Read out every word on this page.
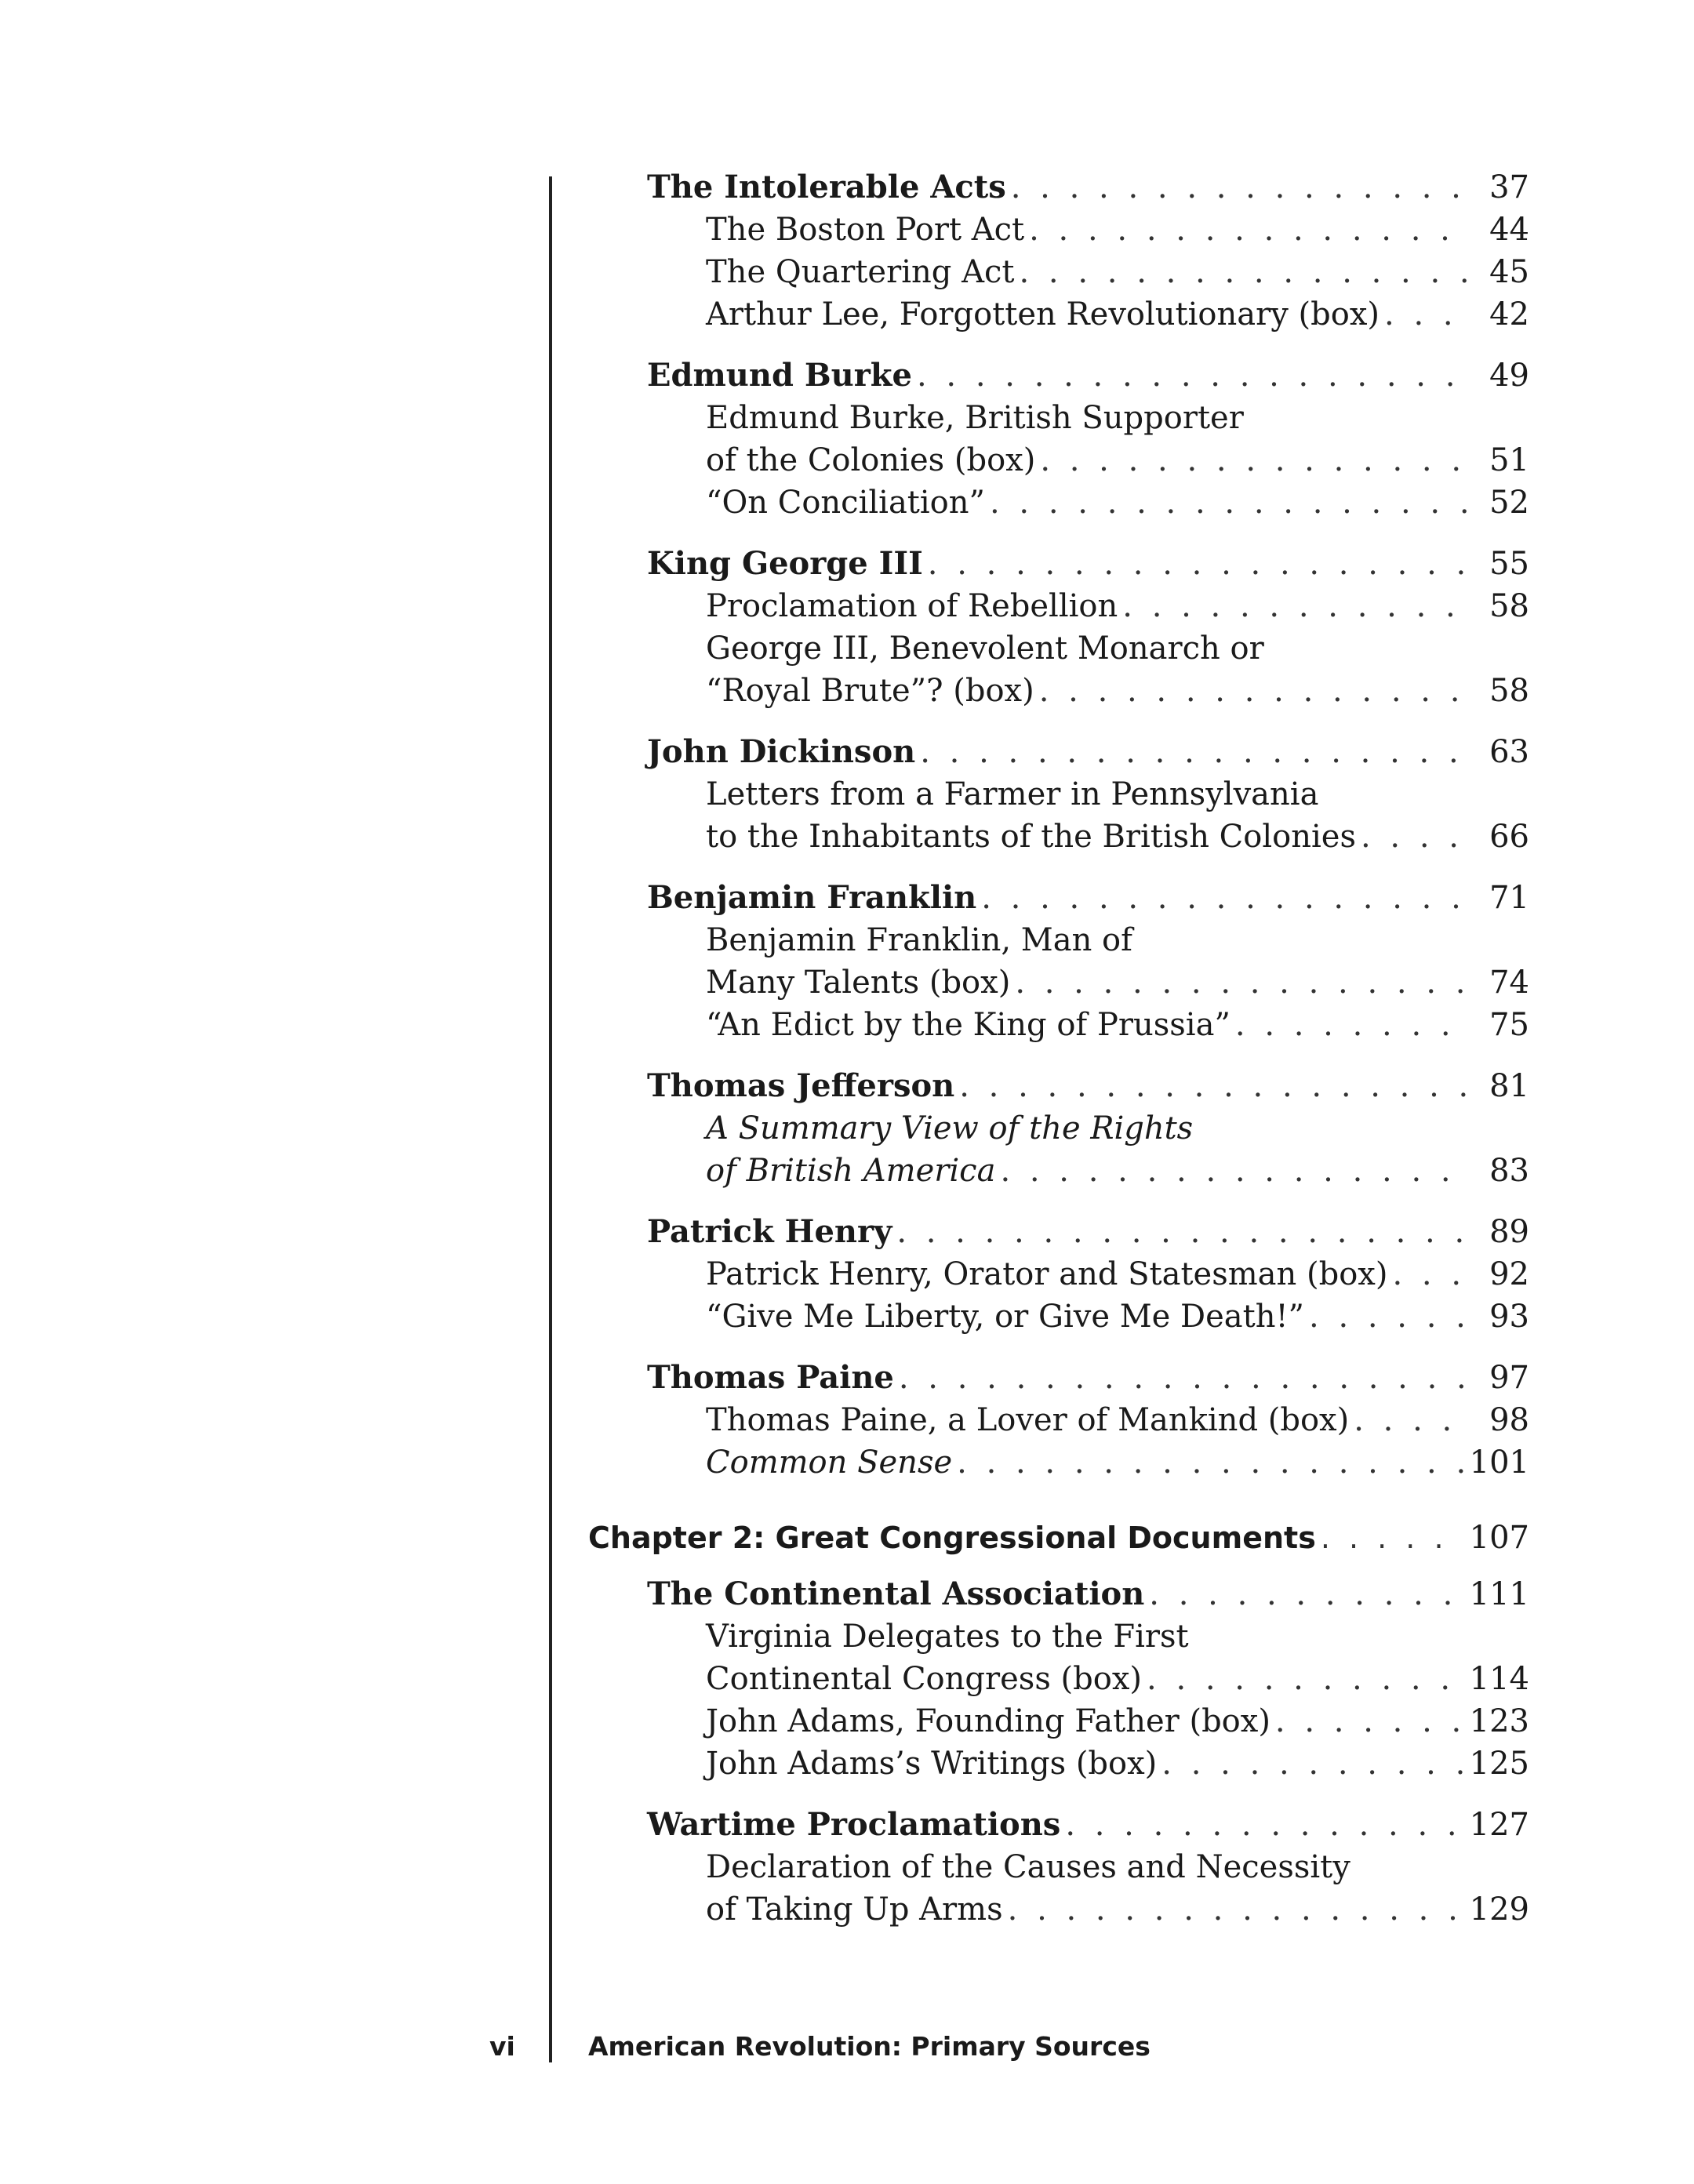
The Intolerable Acts . . .	37
The Boston Port Act . . .	44
The Quartering Act . . .	45
Arthur Lee, Forgotten Revolutionary (box) . . .	42
Edmund Burke . . .	49
Edmund Burke, British Supporter
of the Colonies (box) . . .	51
“On Conciliation” . . .	52
King George III . . .	55
Proclamation of Rebellion . . .	58
George III, Benevolent Monarch or
“Royal Brute”? (box) . . .	58
John Dickinson . . .	63
Letters from a Farmer in Pennsylvania
to the Inhabitants of the British Colonies . . .	66
Benjamin Franklin . . .	71
Benjamin Franklin, Man of
Many Talents (box) . . .	74
“An Edict by the King of Prussia” . . .	75
Thomas Jefferson . . .	81
A Summary View of the Rights
of British America . . .	83
Patrick Henry . . .	89
Patrick Henry, Orator and Statesman (box) . . .	92
“Give Me Liberty, or Give Me Death!” . . .	93
Thomas Paine . . .	97
Thomas Paine, a Lover of Mankind (box) . . .	98
Common Sense . . .	101
Chapter 2: Great Congressional Documents . . .	107
The Continental Association . . .	111
Virginia Delegates to the First
Continental Congress (box) . . .	114
John Adams, Founding Father (box) . . .	123
John Adams’s Writings (box) . . .	125
Wartime Proclamations . . .	127
Declaration of the Causes and Necessity
of Taking Up Arms . . .	129
vi	American Revolution: Primary Sources
